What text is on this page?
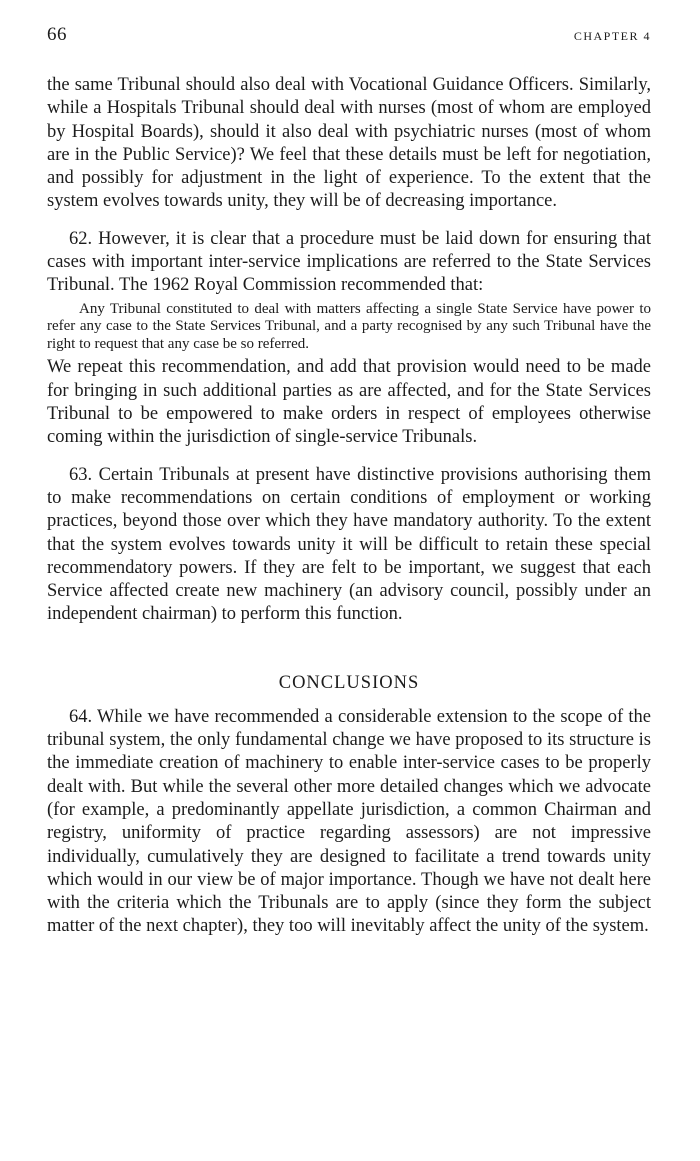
66	CHAPTER 4

the same Tribunal should also deal with Vocational Guidance Officers. Similarly, while a Hospitals Tribunal should deal with nurses (most of whom are employed by Hospital Boards), should it also deal with psychiatric nurses (most of whom are in the Public Service)? We feel that these details must be left for negotiation, and possibly for adjustment in the light of experience. To the extent that the system evolves towards unity, they will be of decreasing importance.

62. However, it is clear that a procedure must be laid down for ensuring that cases with important inter-service implications are referred to the State Services Tribunal. The 1962 Royal Commission recommended that:

Any Tribunal constituted to deal with matters affecting a single State Service have power to refer any case to the State Services Tribunal, and a party recognised by any such Tribunal have the right to request that any case be so referred.

We repeat this recommendation, and add that provision would need to be made for bringing in such additional parties as are affected, and for the State Services Tribunal to be empowered to make orders in respect of employees otherwise coming within the jurisdiction of single-service Tribunals.

63. Certain Tribunals at present have distinctive provisions authorising them to make recommendations on certain conditions of employment or working practices, beyond those over which they have mandatory authority. To the extent that the system evolves towards unity it will be difficult to retain these special recommendatory powers. If they are felt to be important, we suggest that each Service affected create new machinery (an advisory council, possibly under an independent chairman) to perform this function.

CONCLUSIONS

64. While we have recommended a considerable extension to the scope of the tribunal system, the only fundamental change we have proposed to its structure is the immediate creation of machinery to enable inter-service cases to be properly dealt with. But while the several other more detailed changes which we advocate (for example, a predominantly appellate jurisdiction, a common Chairman and registry, uniformity of practice regarding assessors) are not impressive individually, cumulatively they are designed to facilitate a trend towards unity which would in our view be of major importance. Though we have not dealt here with the criteria which the Tribunals are to apply (since they form the subject matter of the next chapter), they too will inevitably affect the unity of the system.
